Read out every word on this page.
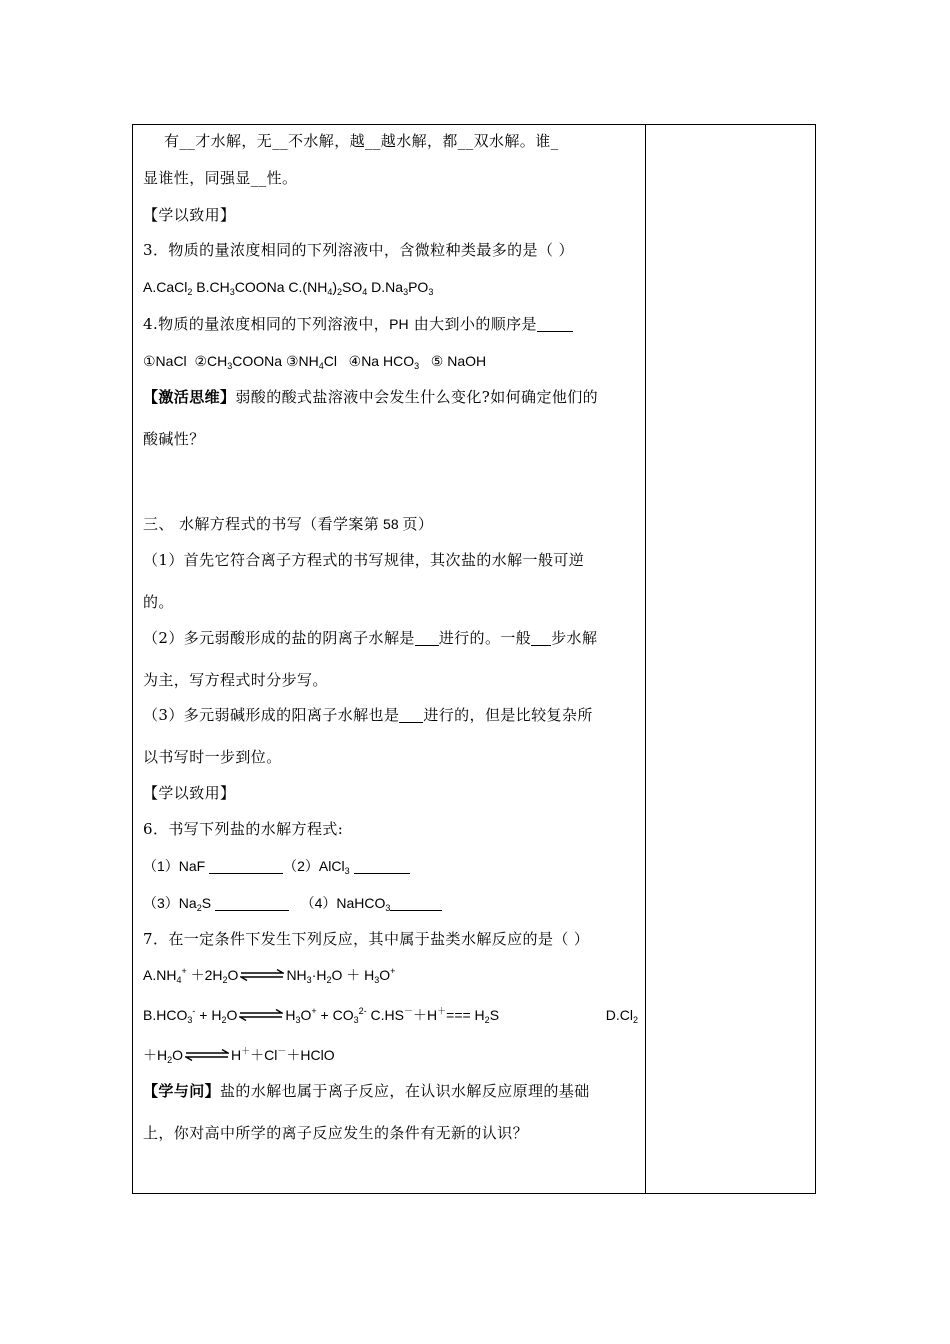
有__才水解，无__不水解，越__越水解，都__双水解。谁_
显谁性，同强显__性。
【学以致用】
3．物质的量浓度相同的下列溶液中，含微粒种类最多的是（ ）
A.CaCl$_2$ $B.CH_3COONa$ $C.(NH_4)_2SO_4$ $D.Na_3PO_3$
4.物质的量浓度相同的下列溶液中，PH 由大到小的顺序是
①NaCl $②CH_3COONa$ $③NH_4Cl$ ④Na $HCO_3$ ⑤ NaOH
【激活思维】弱酸的酸式盐溶液中会发生什么变化?如何确定他们的
酸碱性？
三、 水解方程式的书写（看学案第 58 页）
（1）首先它符合离子方程式的书写规律，其次盐的水解一般可逆
的。
（2）多元弱酸形成的盐的阴离子水解是 进行的。一般 步水解
为主，写方程式时分步写。
（3）多元弱碱形成的阳离子水解也是 进行的，但是比较复杂所
以书写时一步到位。
【学以致用】
6．书写下列盐的水解方程式:
（1）NaF	（2）AlCl$_3$
$(3)Na_2S$	（4）NaHCO$_3$
7．在一定条件下发生下列反应，其中属于盐类水解反应的是（ ）
$A.NH_4^+ +2H_2O$ ⇌ $NH_3\cdot H_2O + H_3O^+$
$B.HCO_3^- + H_2O$ ⇌ $H_3O^+ + CO_3^{2-}$ $C.HS^-+H^+=== H_2S$	$D.Cl_2$
$+H_2O$ ⇌ H＋＋Cl－＋HClO
【学与问】盐的水解也属于离子反应，在认识水解反应原理的基础
上，你对高中所学的离子反应发生的条件有无新的认识？
